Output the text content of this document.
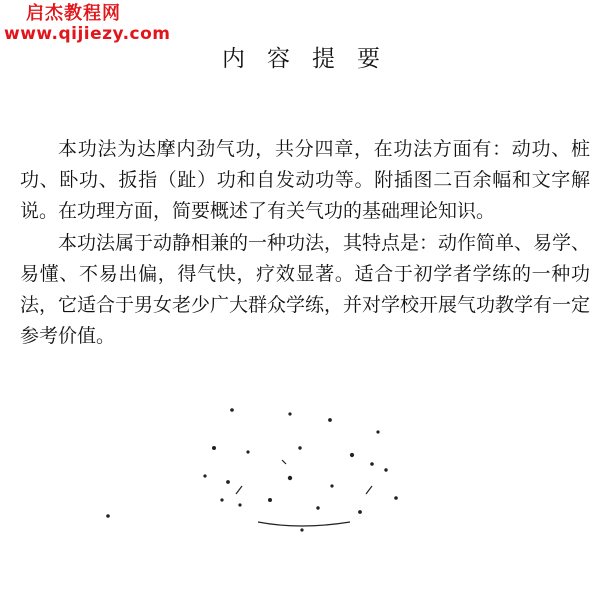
启杰教程网
www.qijiezy.com
内容提要

本功法为达摩内劲气功，共分四章，在功法方面有：动功、桩功、卧功、扳指（趾）功和自发动功等。附插图二百余幅和文字解说。在功理方面，简要概述了有关气功的基础理论知识。

本功法属于动静相兼的一种功法，其特点是：动作简单、易学、易懂、不易出偏，得气快，疗效显著。适合于初学者学练的一种功法，它适合于男女老少广大群众学练，并对学校开展气功教学有一定参考价值。
